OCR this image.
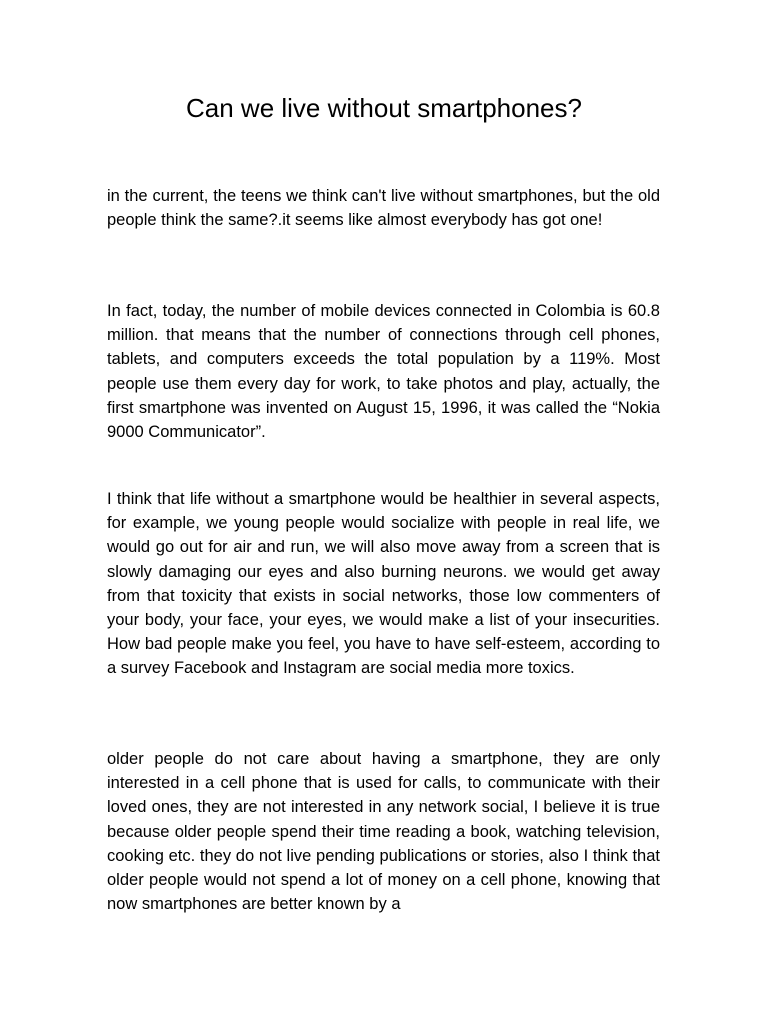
Can we live without smartphones?

in the current, the teens we think can't live without smartphones, but the old people think the same?.it seems like almost everybody has got one!

In fact, today, the number of mobile devices connected in Colombia is 60.8 million. that means that the number of connections through cell phones, tablets, and computers exceeds the total population by a 119%. Most people use them every day for work, to take photos and play, actually, the first smartphone was invented on August 15, 1996, it was called the “Nokia 9000 Communicator”.

I think that life without a smartphone would be healthier in several aspects, for example, we young people would socialize with people in real life, we would go out for air and run, we will also move away from a screen that is slowly damaging our eyes and also burning neurons. we would get away from that toxicity that exists in social networks, those low commenters of your body, your face, your eyes, we would make a list of your insecurities. How bad people make you feel, you have to have self-esteem, according to a survey Facebook and Instagram are social media more toxics.

older people do not care about having a smartphone, they are only interested in a cell phone that is used for calls, to communicate with their loved ones, they are not interested in any network social, I believe it is true because older people spend their time reading a book, watching television, cooking etc. they do not live pending publications or stories, also I think that older people would not spend a lot of money on a cell phone, knowing that now smartphones are better known by a
